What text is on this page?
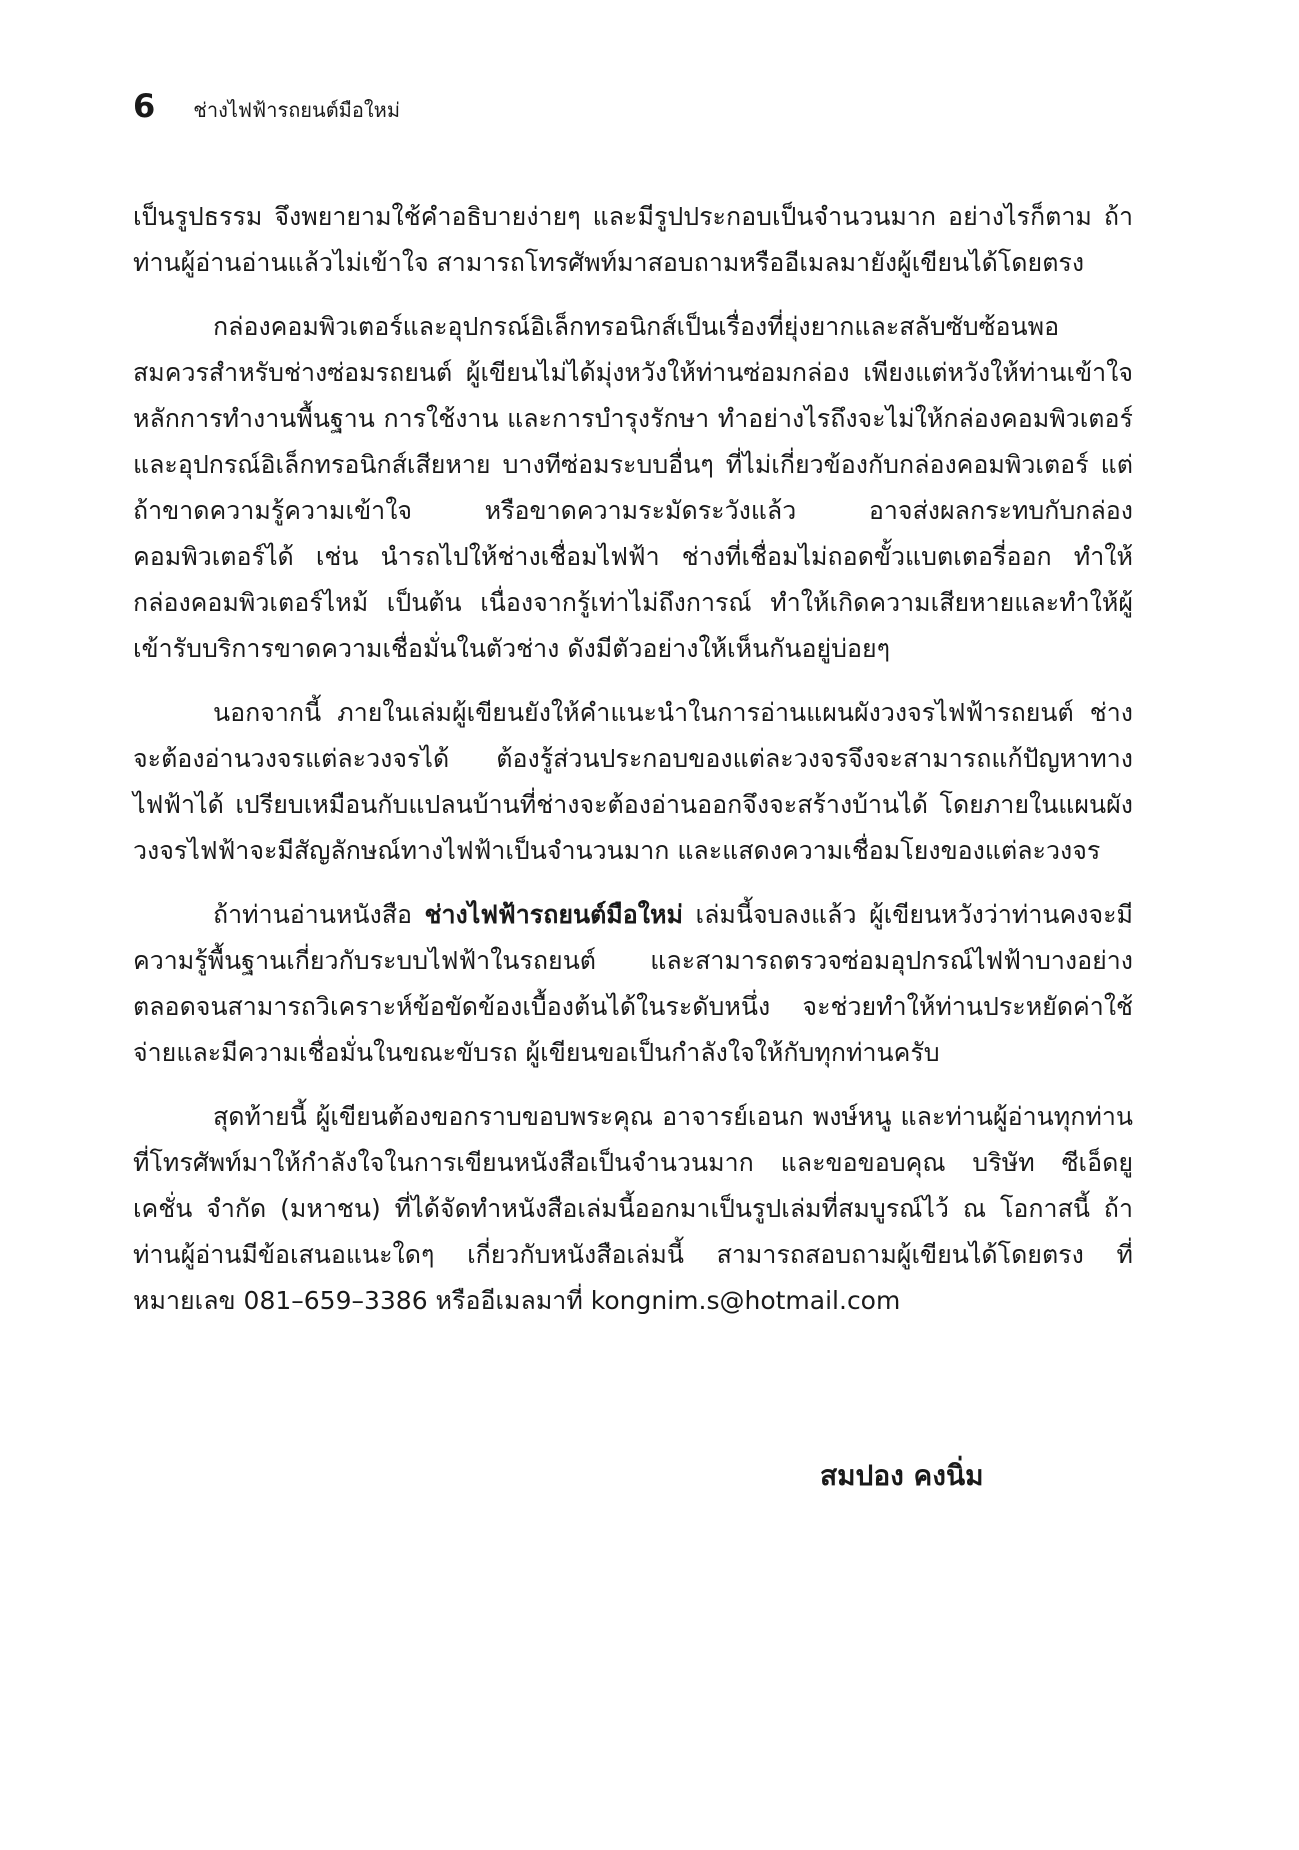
6 ช่างไฟฟ้ารถยนต์มือใหม่

เป็นรูปธรรม จึงพยายามใช้คำอธิบายง่ายๆ และมีรูปประกอบเป็นจำนวนมาก อย่างไรก็ตาม ถ้าท่านผู้อ่านอ่านแล้วไม่เข้าใจ สามารถโทรศัพท์มาสอบถามหรืออีเมลมายังผู้เขียนได้โดยตรง

กล่องคอมพิวเตอร์และอุปกรณ์อิเล็กทรอนิกส์เป็นเรื่องที่ยุ่งยากและสลับซับซ้อนพอสมควรสำหรับช่างซ่อมรถยนต์ ผู้เขียนไม่ได้มุ่งหวังให้ท่านซ่อมกล่อง เพียงแต่หวังให้ท่านเข้าใจหลักการทำงานพื้นฐาน การใช้งาน และการบำรุงรักษา ทำอย่างไรถึงจะไม่ให้กล่องคอมพิวเตอร์และอุปกรณ์อิเล็กทรอนิกส์เสียหาย บางทีซ่อมระบบอื่นๆ ที่ไม่เกี่ยวข้องกับกล่องคอมพิวเตอร์ แต่ถ้าขาดความรู้ความเข้าใจ หรือขาดความระมัดระวังแล้ว อาจส่งผลกระทบกับกล่องคอมพิวเตอร์ได้ เช่น นำรถไปให้ช่างเชื่อมไฟฟ้า ช่างที่เชื่อมไม่ถอดขั้วแบตเตอรี่ออก ทำให้กล่องคอมพิวเตอร์ไหม้ เป็นต้น เนื่องจากรู้เท่าไม่ถึงการณ์ ทำให้เกิดความเสียหายและทำให้ผู้เข้ารับบริการขาดความเชื่อมั่นในตัวช่าง ดังมีตัวอย่างให้เห็นกันอยู่บ่อยๆ

นอกจากนี้ ภายในเล่มผู้เขียนยังให้คำแนะนำในการอ่านแผนผังวงจรไฟฟ้ารถยนต์ ช่างจะต้องอ่านวงจรแต่ละวงจรได้ ต้องรู้ส่วนประกอบของแต่ละวงจรจึงจะสามารถแก้ปัญหาทางไฟฟ้าได้ เปรียบเหมือนกับแปลนบ้านที่ช่างจะต้องอ่านออกจึงจะสร้างบ้านได้ โดยภายในแผนผังวงจรไฟฟ้าจะมีสัญลักษณ์ทางไฟฟ้าเป็นจำนวนมาก และแสดงความเชื่อมโยงของแต่ละวงจร

ถ้าท่านอ่านหนังสือ ช่างไฟฟ้ารถยนต์มือใหม่ เล่มนี้จบลงแล้ว ผู้เขียนหวังว่าท่านคงจะมีความรู้พื้นฐานเกี่ยวกับระบบไฟฟ้าในรถยนต์ และสามารถตรวจซ่อมอุปกรณ์ไฟฟ้าบางอย่าง ตลอดจนสามารถวิเคราะห์ข้อขัดข้องเบื้องต้นได้ในระดับหนึ่ง จะช่วยทำให้ท่านประหยัดค่าใช้จ่ายและมีความเชื่อมั่นในขณะขับรถ ผู้เขียนขอเป็นกำลังใจให้กับทุกท่านครับ

สุดท้ายนี้ ผู้เขียนต้องขอกราบขอบพระคุณ อาจารย์เอนก พงษ์หนู และท่านผู้อ่านทุกท่าน ที่โทรศัพท์มาให้กำลังใจในการเขียนหนังสือเป็นจำนวนมาก และขอขอบคุณ บริษัท ซีเอ็ดยูเคชั่น จำกัด (มหาชน) ที่ได้จัดทำหนังสือเล่มนี้ออกมาเป็นรูปเล่มที่สมบูรณ์ไว้ ณ โอกาสนี้ ถ้าท่านผู้อ่านมีข้อเสนอแนะใดๆ เกี่ยวกับหนังสือเล่มนี้ สามารถสอบถามผู้เขียนได้โดยตรง ที่หมายเลข 081–659–3386 หรืออีเมลมาที่ kongnim.s@hotmail.com

สมปอง คงนิ่ม
